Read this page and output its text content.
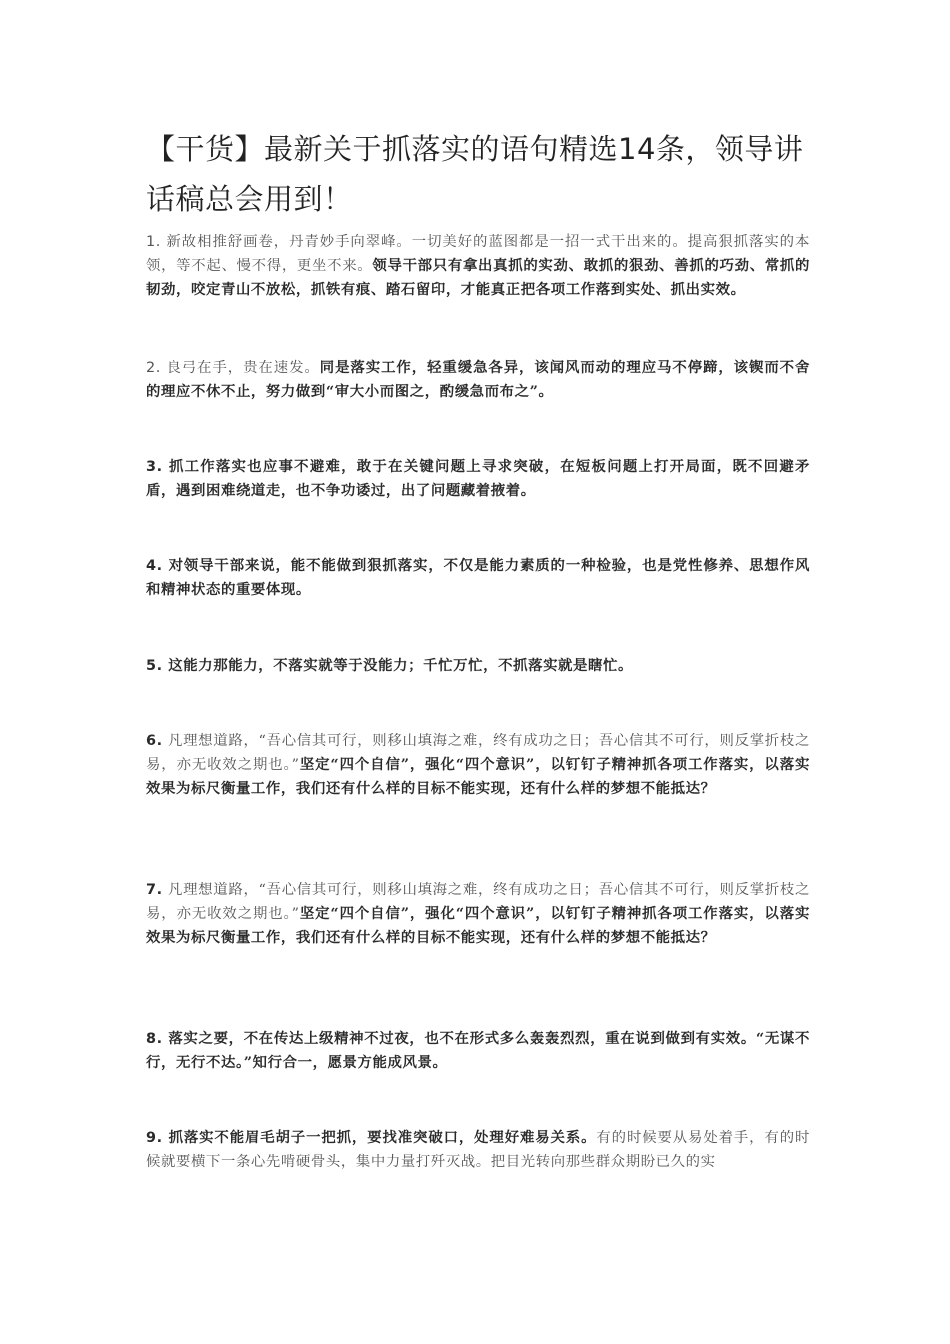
【干货】最新关于抓落实的语句精选14条，领导讲话稿总会用到！
1. 新故相推舒画卷，丹青妙手向翠峰。一切美好的蓝图都是一招一式干出来的。提高狠抓落实的本领，等不起、慢不得，更坐不来。领导干部只有拿出真抓的实劲、敢抓的狠劲、善抓的巧劲、常抓的韧劲，咬定青山不放松，抓铁有痕、踏石留印，才能真正把各项工作落到实处、抓出实效。
2. 良弓在手，贵在速发。同是落实工作，轻重缓急各异，该闻风而动的理应马不停蹄，该锲而不舍的理应不休不止，努力做到“审大小而图之，酌缓急而布之”。
3. 抓工作落实也应事不避难，敢于在关键问题上寻求突破，在短板问题上打开局面，既不回避矛盾，遇到困难绕道走，也不争功诿过，出了问题藏着掖着。
4. 对领导干部来说，能不能做到狠抓落实，不仅是能力素质的一种检验，也是党性修养、思想作风和精神状态的重要体现。
5. 这能力那能力，不落实就等于没能力；千忙万忙，不抓落实就是瞎忙。
6. 凡理想道路，“吾心信其可行，则移山填海之难，终有成功之日；吾心信其不可行，则反掌折枝之易，亦无收效之期也。”坚定“四个自信”，强化“四个意识”，以钉钉子精神抓各项工作落实，以落实效果为标尺衡量工作，我们还有什么样的目标不能实现，还有什么样的梦想不能抵达？
7. 凡理想道路，“吾心信其可行，则移山填海之难，终有成功之日；吾心信其不可行，则反掌折枝之易，亦无收效之期也。”坚定“四个自信”，强化“四个意识”，以钉钉子精神抓各项工作落实，以落实效果为标尺衡量工作，我们还有什么样的目标不能实现，还有什么样的梦想不能抵达？
8. 落实之要，不在传达上级精神不过夜，也不在形式多么轰轰烈烈，重在说到做到有实效。“无谋不行，无行不达。”知行合一，愿景方能成风景。
9. 抓落实不能眉毛胡子一把抓，要找准突破口，处理好难易关系。有的时候要从易处着手，有的时候就要横下一条心先啃硬骨头，集中力量打歼灭战。把目光转向那些群众期盼已久的实
